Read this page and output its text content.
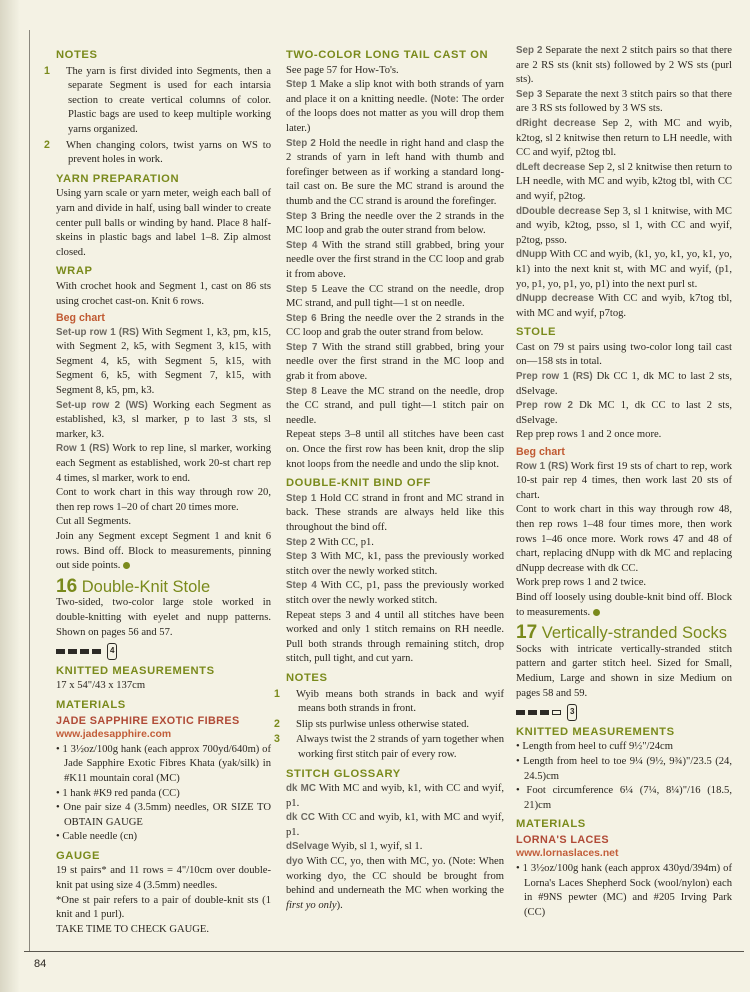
NOTES

1 The yarn is first divided into Segments, then a separate Segment is used for each intarsia section to create vertical columns of color. Plastic bags are used to keep multiple working yarns organized.

2 When changing colors, twist yarns on WS to prevent holes in work.

YARN PREPARATION

Using yarn scale or yarn meter, weigh each ball of yarn and divide in half, using ball winder to create center pull balls or winding by hand. Place 8 half-skeins in plastic bags and label 1–8. Zip almost closed.

WRAP

With crochet hook and Segment 1, cast on 86 sts using crochet cast-on. Knit 6 rows.

Beg chart

Set-up row 1 (RS) With Segment 1, k3, pm, k15, with Segment 2, k5, with Segment 3, k15, with Segment 4, k5, with Segment 5, k15, with Segment 6, k5, with Segment 7, k15, with Segment 8, k5, pm, k3.

Set-up row 2 (WS) Working each Segment as established, k3, sl marker, p to last 3 sts, sl marker, k3.

Row 1 (RS) Work to rep line, sl marker, working each Segment as established, work 20-st chart rep 4 times, sl marker, work to end.

Cont to work chart in this way through row 20, then rep rows 1–20 of chart 20 times more.

Cut all Segments.

Join any Segment except Segment 1 and knit 6 rows. Bind off. Block to measurements, pinning out side points.

16 Double-Knit Stole

Two-sided, two-color large stole worked in double-knitting with eyelet and nupp patterns. Shown on pages 56 and 57.

4
KNITTED MEASUREMENTS

17 x 54"/43 x 137cm

MATERIALS
JADE SAPPHIRE EXOTIC FIBRES
www.jadesapphire.com

• 1 3½oz/100g hank (each approx 700yd/640m) of Jade Sapphire Exotic Fibres Khata (yak/silk) in #K11 mountain coral (MC)

• 1 hank #K9 red panda (CC)

• One pair size 4 (3.5mm) needles, OR SIZE TO OBTAIN GAUGE

• Cable needle (cn)

GAUGE

19 st pairs* and 11 rows = 4"/10cm over double-knit pat using size 4 (3.5mm) needles.

*One st pair refers to a pair of double-knit sts (1 knit and 1 purl).

TAKE TIME TO CHECK GAUGE.

TWO-COLOR LONG TAIL CAST ON

See page 57 for How-To's.

Step 1 Make a slip knot with both strands of yarn and place it on a knitting needle. (Note: The order of the loops does not matter as you will drop them later.)

Step 2 Hold the needle in right hand and clasp the 2 strands of yarn in left hand with thumb and forefinger between as if working a standard long-tail cast on. Be sure the MC strand is around the thumb and the CC strand is around the forefinger.

Step 3 Bring the needle over the 2 strands in the MC loop and grab the outer strand from below.

Step 4 With the strand still grabbed, bring your needle over the first strand in the CC loop and grab it from above.

Step 5 Leave the CC strand on the needle, drop MC strand, and pull tight—1 st on needle.

Step 6 Bring the needle over the 2 strands in the CC loop and grab the outer strand from below.

Step 7 With the strand still grabbed, bring your needle over the first strand in the MC loop and grab it from above.

Step 8 Leave the MC strand on the needle, drop the CC strand, and pull tight—1 stitch pair on needle.

Repeat steps 3–8 until all stitches have been cast on. Once the first row has been knit, drop the slip knot loops from the needle and undo the slip knot.

DOUBLE-KNIT BIND OFF

Step 1 Hold CC strand in front and MC strand in back. These strands are always held like this throughout the bind off.

Step 2 With CC, p1.

Step 3 With MC, k1, pass the previously worked stitch over the newly worked stitch.

Step 4 With CC, p1, pass the previously worked stitch over the newly worked stitch.

Repeat steps 3 and 4 until all stitches have been worked and only 1 stitch remains on RH needle. Pull both strands through remaining stitch, drop stitch, pull tight, and cut yarn.

NOTES

1 Wyib means both strands in back and wyif means both strands in front.

2 Slip sts purlwise unless otherwise stated.

3 Always twist the 2 strands of yarn together when working first stitch pair of every row.

STITCH GLOSSARY

dk MC With MC and wyib, k1, with CC and wyif, p1.

dk CC With CC and wyib, k1, with MC and wyif, p1.

dSelvage Wyib, sl 1, wyif, sl 1.

dyo With CC, yo, then with MC, yo. (Note: When working dyo, the CC should be brought from behind and underneath the MC when working the first yo only).

Sep 2 Separate the next 2 stitch pairs so that there are 2 RS sts (knit sts) followed by 2 WS sts (purl sts).

Sep 3 Separate the next 3 stitch pairs so that there are 3 RS sts followed by 3 WS sts.

dRight decrease Sep 2, with MC and wyib, k2tog, sl 2 knitwise then return to LH needle, with CC and wyif, p2tog tbl.

dLeft decrease Sep 2, sl 2 knitwise then return to LH needle, with MC and wyib, k2tog tbl, with CC and wyif, p2tog.

dDouble decrease Sep 3, sl 1 knitwise, with MC and wyib, k2tog, psso, sl 1, with CC and wyif, p2tog, psso.

dNupp With CC and wyib, (k1, yo, k1, yo, k1, yo, k1) into the next knit st, with MC and wyif, (p1, yo, p1, yo, p1, yo, p1) into the next purl st.

dNupp decrease With CC and wyib, k7tog tbl, with MC and wyif, p7tog.

STOLE

Cast on 79 st pairs using two-color long tail cast on—158 sts in total.

Prep row 1 (RS) Dk CC 1, dk MC to last 2 sts, dSelvage.

Prep row 2 Dk MC 1, dk CC to last 2 sts, dSelvage.

Rep prep rows 1 and 2 once more.

Beg chart

Row 1 (RS) Work first 19 sts of chart to rep, work 10-st pair rep 4 times, then work last 20 sts of chart.

Cont to work chart in this way through row 48, then rep rows 1–48 four times more, then work rows 1–46 once more. Work rows 47 and 48 of chart, replacing dNupp with dk MC and replacing dNupp decrease with dk CC.

Work prep rows 1 and 2 twice.

Bind off loosely using double-knit bind off. Block to measurements.

17 Vertically-stranded Socks

Socks with intricate vertically-stranded stitch pattern and garter stitch heel. Sized for Small, Medium, Large and shown in size Medium on pages 58 and 59.

3
KNITTED MEASUREMENTS

• Length from heel to cuff 9½"/24cm

• Length from heel to toe 9¼ (9½, 9¾)"/23.5 (24, 24.5)cm

• Foot circumference 6¼ (7¼, 8¼)"/16 (18.5, 21)cm

MATERIALS
LORNA'S LACES
www.lornaslaces.net

• 1 3½oz/100g hank (each approx 430yd/394m) of Lorna's Laces Shepherd Sock (wool/nylon) each in #9NS pewter (MC) and #205 Irving Park (CC)

84
